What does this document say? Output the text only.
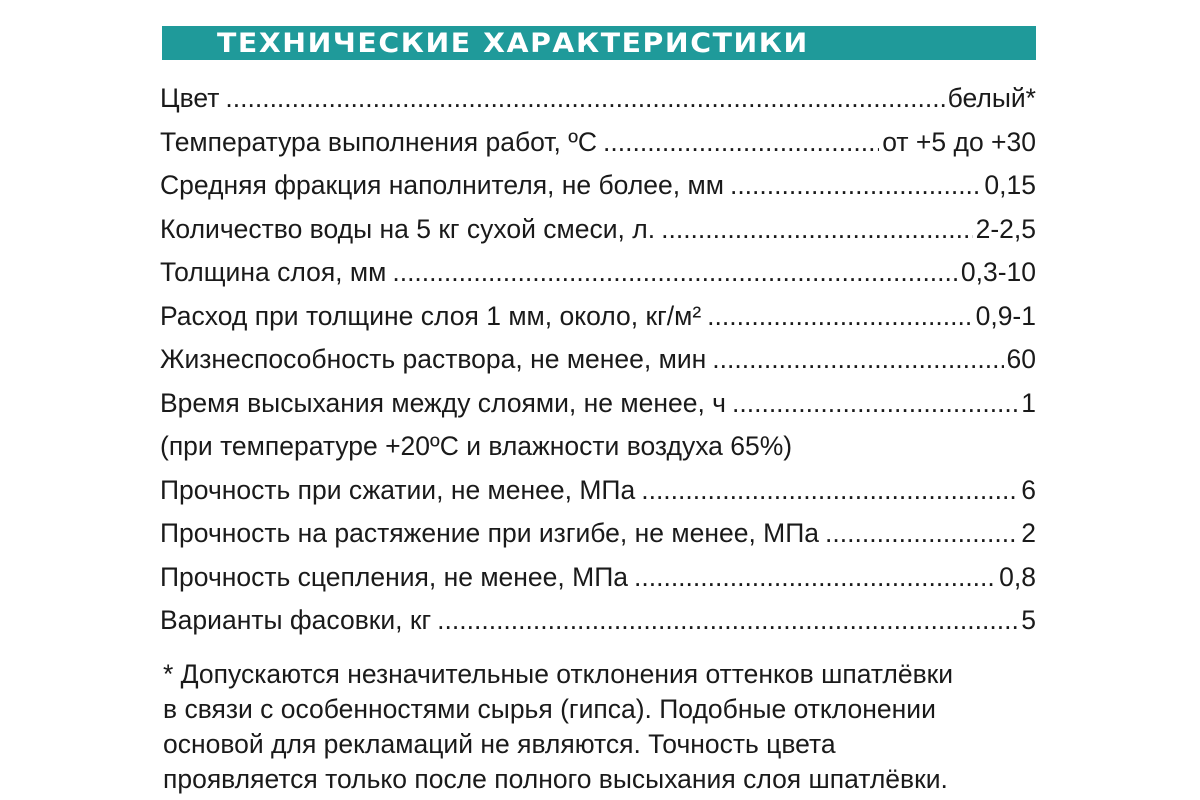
ТЕХНИЧЕСКИЕ ХАРАКТЕРИСТИКИ
Цвет .....	белый*
Температура выполнения работ, ºС .....	от +5 до +30
Средняя фракция наполнителя, не более, мм .....	0,15
Количество воды на 5 кг сухой смеси, л. .....	2-2,5
Толщина слоя, мм .....	0,3-10
Расход при толщине слоя 1 мм, около, кг/м² .....	0,9-1
Жизнеспособность раствора, не менее, мин .....	60
Время высыхания между слоями, не менее, ч .....	1
(при температуре +20ºС и влажности воздуха 65%)
Прочность при сжатии, не менее, МПа .....	6
Прочность на растяжение при изгибе, не менее, МПа .....	2
Прочность сцепления, не менее, МПа .....	0,8
Варианты фасовки, кг .....	5
* Допускаются незначительные отклонения оттенков шпатлёвки
в связи с особенностями сырья (гипса). Подобные отклонении
основой для рекламаций не являются. Точность цвета
проявляется только после полного высыхания слоя шпатлёвки.
